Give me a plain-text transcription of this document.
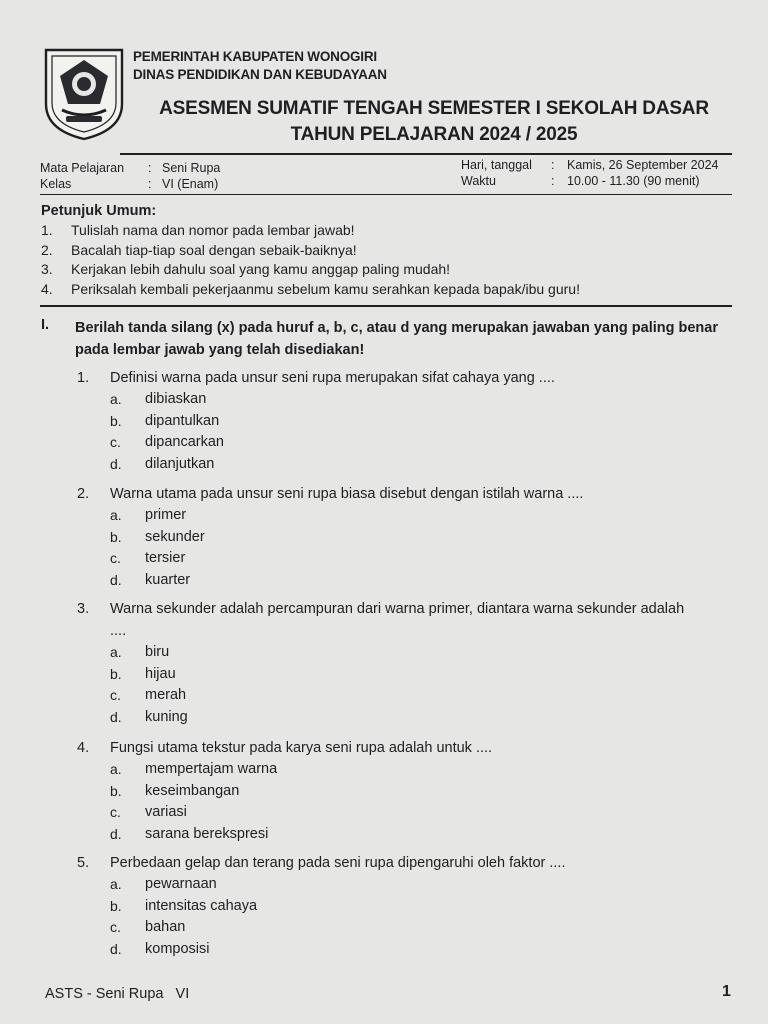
PEMERINTAH KABUPATEN WONOGIRI
DINAS PENDIDIKAN DAN KEBUDAYAAN
ASESMEN SUMATIF TENGAH SEMESTER I SEKOLAH DASAR
TAHUN PELAJARAN 2024 / 2025
Mata Pelajaran	: Seni Rupa
Kelas	: VI (Enam)
Hari, tanggal	:	Kamis, 26 September 2024
Waktu	:	10.00 - 11.30 (90 menit)
Petunjuk Umum:
1.	Tulislah nama dan nomor pada lembar jawab!
2.	Bacalah tiap-tiap soal dengan sebaik-baiknya!
3.	Kerjakan lebih dahulu soal yang kamu anggap paling mudah!
4.	Periksalah kembali pekerjaanmu sebelum kamu serahkan kepada bapak/ibu guru!
I. Berilah tanda silang (x) pada huruf a, b, c, atau d yang merupakan jawaban yang paling benar pada lembar jawab yang telah disediakan!
1. Definisi warna pada unsur seni rupa merupakan sifat cahaya yang ....
a. dibiaskan
b. dipantulkan
c. dipancarkan
d. dilanjutkan
2. Warna utama pada unsur seni rupa biasa disebut dengan istilah warna ....
a. primer
b. sekunder
c. tersier
d. kuarter
3. Warna sekunder adalah percampuran dari warna primer, diantara warna sekunder adalah
....
a. biru
b. hijau
c. merah
d. kuning
4. Fungsi utama tekstur pada karya seni rupa adalah untuk ....
a. mempertajam warna
b. keseimbangan
c. variasi
d. sarana berekspresi
5. Perbedaan gelap dan terang pada seni rupa dipengaruhi oleh faktor ....
a. pewarnaan
b. intensitas cahaya
c. bahan
d. komposisi
ASTS - Seni Rupa   VI	1
